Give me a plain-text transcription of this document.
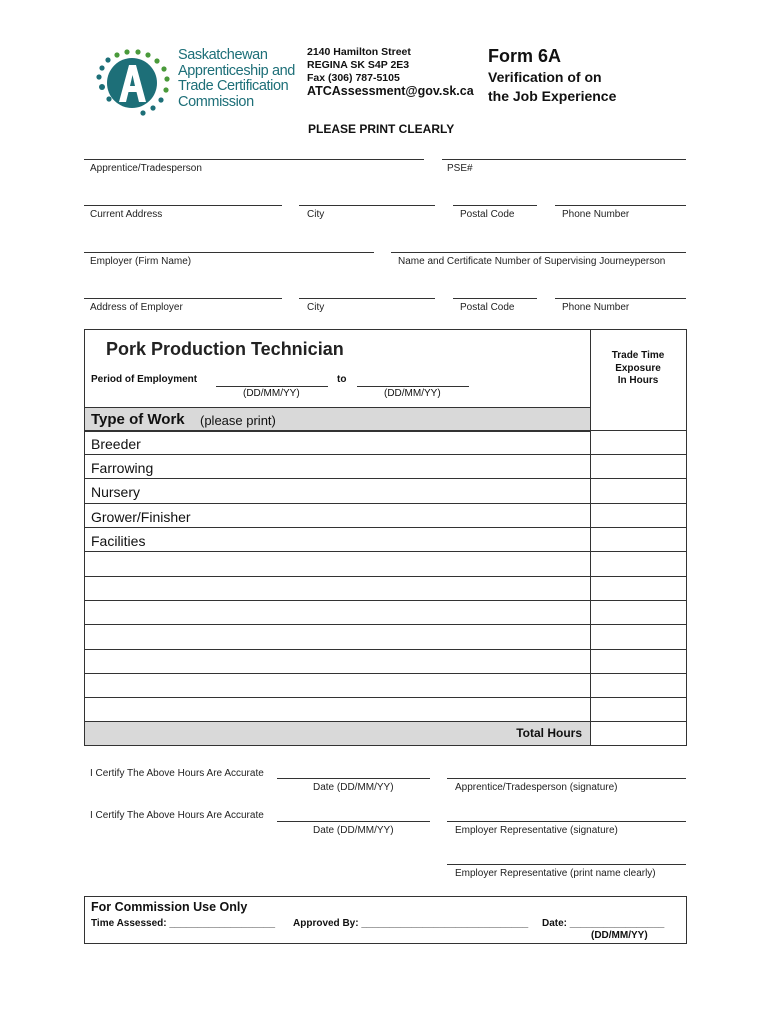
Saskatchewan
Apprenticeship and
Trade Certification
Commission
2140 Hamilton Street
REGINA SK S4P 2E3
Fax (306) 787-5105
ATCAssessment@gov.sk.ca
Form 6A
Verification of on
the Job Experience
PLEASE PRINT CLEARLY
Apprentice/Tradesperson	PSE#
Current Address	City	Postal Code	Phone Number
Employer (Firm Name)	Name and Certificate Number of Supervising Journeyperson
Address of Employer	City	Postal Code	Phone Number
Pork Production Technician
Period of Employment	to
(DD/MM/YY)	(DD/MM/YY)
Trade Time
Exposure
In Hours
Type of Work (please print)
Breeder
Farrowing
Nursery
Grower/Finisher
Facilities
Total Hours
I Certify The Above Hours Are Accurate
Date (DD/MM/YY)	Apprentice/Tradesperson (signature)
I Certify The Above Hours Are Accurate
Date (DD/MM/YY)	Employer Representative (signature)
Employer Representative (print name clearly)
For Commission Use Only
Time Assessed: ___________________ Approved By: ______________________________ Date: _________________
(DD/MM/YY)
